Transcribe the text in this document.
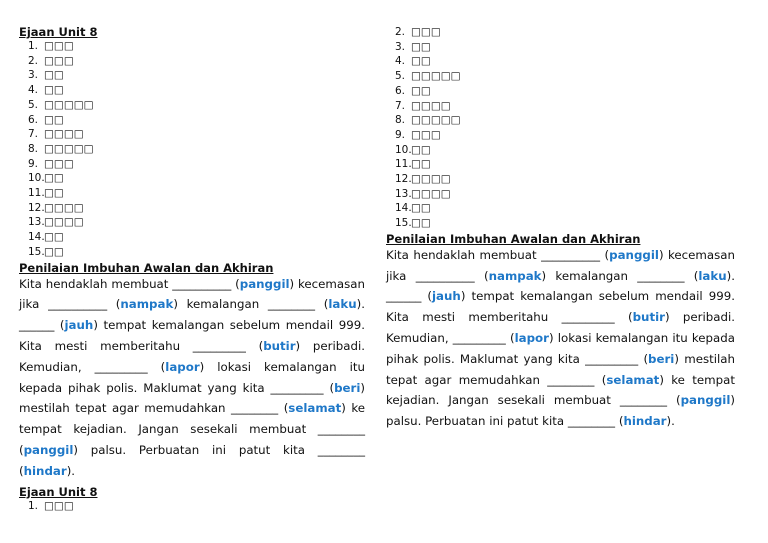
Ejaan Unit 8
1. □□□
2. □□□
3. □□
4. □□
5. □□□□□
6. □□
7. □□□□
8. □□□□□
9. □□□
10.□□
11.□□
12.□□□□
13.□□□□
14.□□
15.□□
Penilaian Imbuhan Awalan dan Akhiran

Kita hendaklah membuat __________ (panggil) kecemasan jika __________ (nampak) kemalangan ________ (laku). ______ (jauh) tempat kemalangan sebelum mendail 999. Kita mesti memberitahu _________ (butir) peribadi. Kemudian, _________ (lapor) lokasi kemalangan itu kepada pihak polis. Maklumat yang kita _________ (beri) mestilah tepat agar memudahkan ________ (selamat) ke tempat kejadian. Jangan sesekali membuat ________ (panggil) palsu. Perbuatan ini patut kita ________ (hindar).

Ejaan Unit 8
1. □□□
2. □□□
3. □□
4. □□
5. □□□□□
6. □□
7. □□□□
8. □□□□□
9. □□□
10.□□
11.□□
12.□□□□
13.□□□□
14.□□
15.□□
Penilaian Imbuhan Awalan dan Akhiran

Kita hendaklah membuat __________ (panggil) kecemasan jika __________ (nampak) kemalangan ________ (laku). ______ (jauh) tempat kemalangan sebelum mendail 999. Kita mesti memberitahu _________ (butir) peribadi. Kemudian, _________ (lapor) lokasi kemalangan itu kepada pihak polis. Maklumat yang kita _________ (beri) mestilah tepat agar memudahkan ________ (selamat) ke tempat kejadian. Jangan sesekali membuat ________ (panggil) palsu. Perbuatan ini patut kita ________ (hindar).
